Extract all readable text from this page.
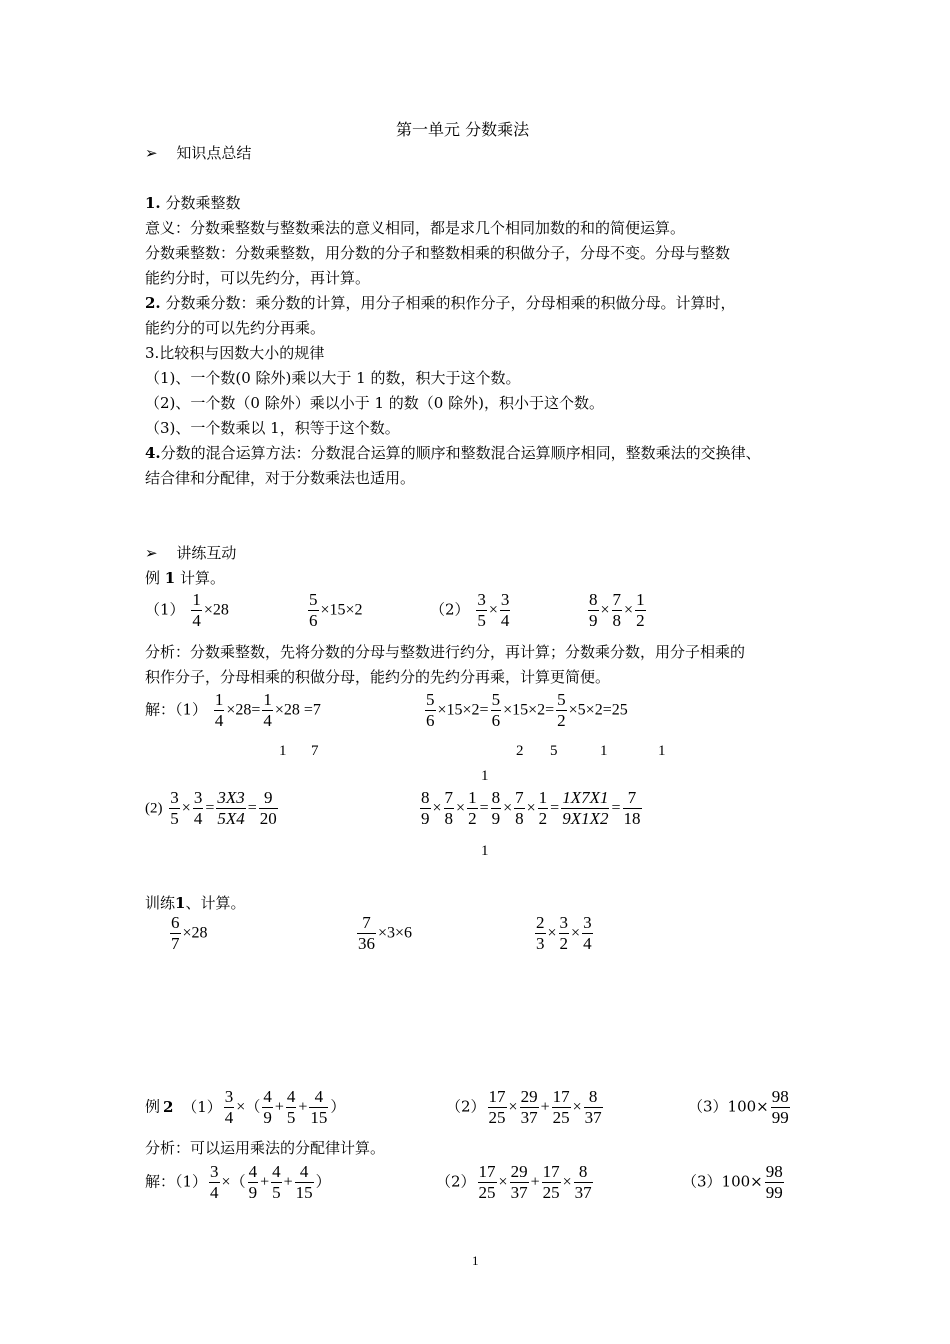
第一单元 分数乘法
➢ 知识点总结
1. 分数乘整数
意义：分数乘整数与整数乘法的意义相同，都是求几个相同加数的和的简便运算。
分数乘整数：分数乘整数，用分数的分子和整数相乘的积做分子，分母不变。分母与整数
能约分时，可以先约分，再计算。
2. 分数乘分数：乘分数的计算，用分子相乘的积作分子，分母相乘的积做分母。计算时，
能约分的可以先约分再乘。
3.比较积与因数大小的规律
（1)、一个数(0 除外)乘以大于 1 的数，积大于这个数。
（2)、一个数（0 除外）乘以小于 1 的数（0 除外)，积小于这个数。
（3)、一个数乘以 1，积等于这个数。
4.分数的混合运算方法：分数混合运算的顺序和整数混合运算顺序相同，整数乘法的交换律、
结合律和分配律，对于分数乘法也适用。
➢ 讲练互动
例 1 计算。
$(1) \frac{1}{4} \times 28$	$\frac{5}{6} \times 15\times 2$	$(2) \frac{3}{5} \times \frac{3}{4}$	$\frac{8}{9} \times \frac{7}{8} \times \frac{1}{2}$
分析：分数乘整数，先将分数的分母与整数进行约分，再计算；分数乘分数，用分子相乘的
积作分子，分母相乘的积做分母，能约分的先约分再乘，计算更简便。
解：$(1) \frac{1}{4} \times 28= \frac{1}{4} \times 28 =7$
1 7
$\frac{5}{6} \times 15\times 2= \frac{5}{6} \times 15\times 2= \frac{5}{2} \times 5\times 2=25$
2 5	1	1
1
$(2) \frac{3}{5} \times \frac{3}{4} = \frac{3X3}{5X4} = \frac{9}{20}$	$\frac{8}{9} \times \frac{7}{8} \times \frac{1}{2} = \frac{8}{9} \times \frac{7}{8} \times \frac{1}{2} = \frac{1X7X1}{9X1X2} = \frac{7}{18}$
1
训练1、计算。
$\frac{6}{7} \times 28$	$\frac{7}{36} \times 3\times 6$	$\frac{2}{3} \times \frac{3}{2} \times \frac{3}{4}$
例 2 $(1) \frac{3}{4}$ ×（ $\frac{4}{9} + \frac{4}{5} + \frac{4}{15}$ ）	$(2) \frac{17}{25} \times \frac{29}{37} + \frac{17}{25} \times \frac{8}{37}$	$(3)100\times \frac{98}{99}$
分析：可以运用乘法的分配律计算。
解：$(1) \frac{3}{4}$ ×（ $\frac{4}{9} + \frac{4}{5} + \frac{4}{15}$ ）	$(2) \frac{17}{25} \times \frac{29}{37} + \frac{17}{25} \times \frac{8}{37}$	$(3)100\times \frac{98}{99}$
1
